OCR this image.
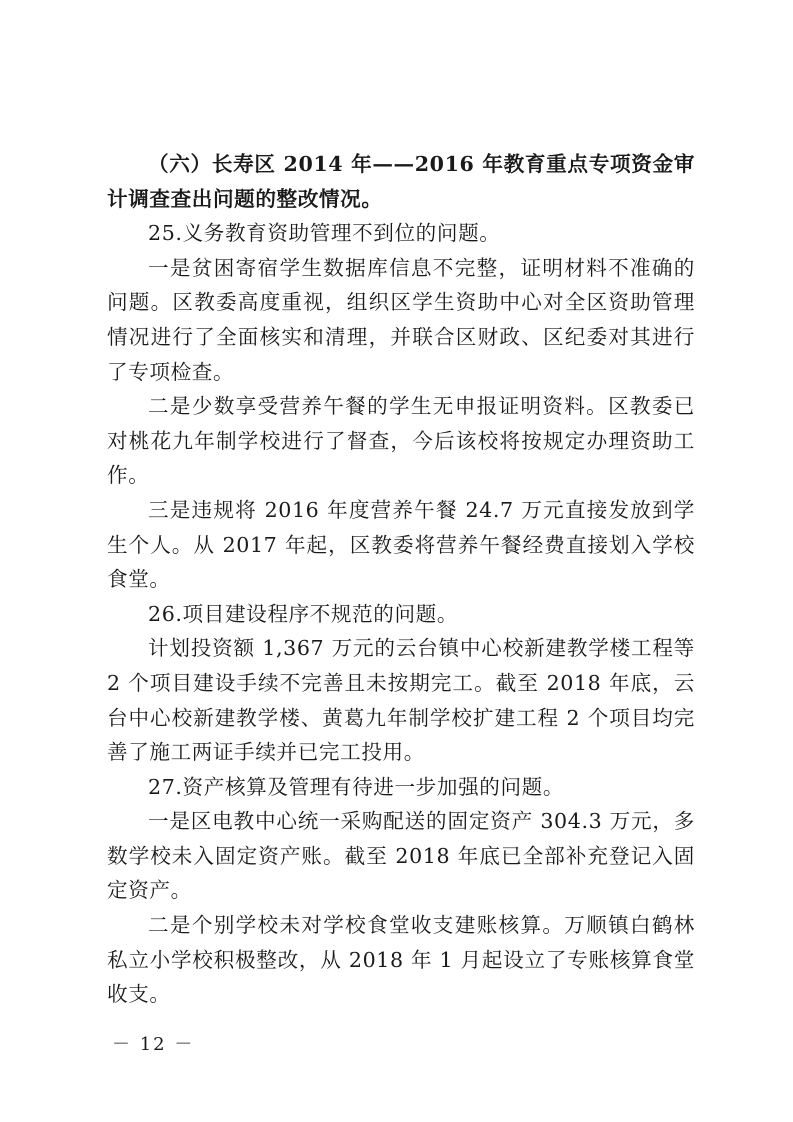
（六）长寿区 2014 年——2016 年教育重点专项资金审计调查查出问题的整改情况。

25.义务教育资助管理不到位的问题。

一是贫困寄宿学生数据库信息不完整，证明材料不准确的问题。区教委高度重视，组织区学生资助中心对全区资助管理情况进行了全面核实和清理，并联合区财政、区纪委对其进行了专项检查。

二是少数享受营养午餐的学生无申报证明资料。区教委已对桃花九年制学校进行了督查，今后该校将按规定办理资助工作。

三是违规将 2016 年度营养午餐 24.7 万元直接发放到学生个人。从 2017 年起，区教委将营养午餐经费直接划入学校食堂。

26.项目建设程序不规范的问题。

计划投资额 1,367 万元的云台镇中心校新建教学楼工程等 2 个项目建设手续不完善且未按期完工。截至 2018 年底，云台中心校新建教学楼、黄葛九年制学校扩建工程 2 个项目均完善了施工两证手续并已完工投用。

27.资产核算及管理有待进一步加强的问题。

一是区电教中心统一采购配送的固定资产 304.3 万元，多数学校未入固定资产账。截至 2018 年底已全部补充登记入固定资产。

二是个别学校未对学校食堂收支建账核算。万顺镇白鹤林私立小学校积极整改，从 2018 年 1 月起设立了专账核算食堂收支。

－ 12 －
